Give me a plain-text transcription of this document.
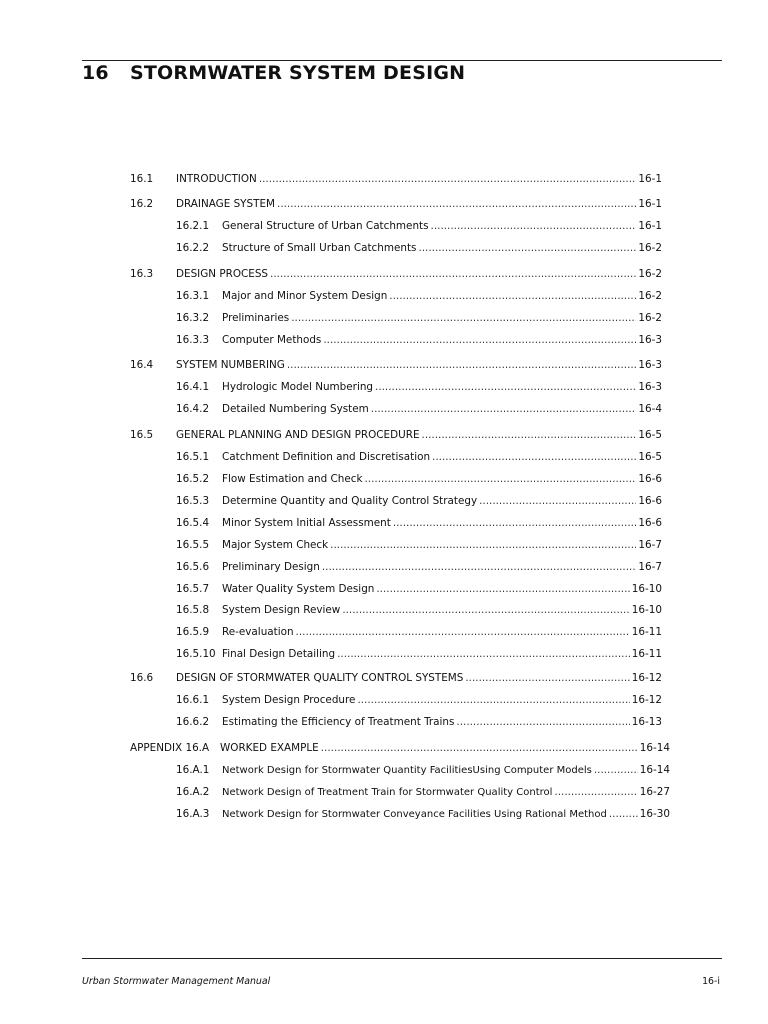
16 STORMWATER SYSTEM DESIGN
16.1	INTRODUCTION .....	16-1
16.2	DRAINAGE SYSTEM .....	16-1
16.2.1	General Structure of Urban Catchments .....	16-1
16.2.2	Structure of Small Urban Catchments .....	16-2
16.3	DESIGN PROCESS .....	16-2
16.3.1	Major and Minor System Design .....	16-2
16.3.2	Preliminaries .....	16-2
16.3.3	Computer Methods .....	16-3
16.4	SYSTEM NUMBERING .....	16-3
16.4.1	Hydrologic Model Numbering .....	16-3
16.4.2	Detailed Numbering System .....	16-4
16.5	GENERAL PLANNING AND DESIGN PROCEDURE .....	16-5
16.5.1	Catchment Definition and Discretisation .....	16-5
16.5.2	Flow Estimation and Check .....	16-6
16.5.3	Determine Quantity and Quality Control Strategy .....	16-6
16.5.4	Minor System Initial Assessment .....	16-6
16.5.5	Major System Check .....	16-7
16.5.6	Preliminary Design .....	16-7
16.5.7	Water Quality System Design .....	16-10
16.5.8	System Design Review .....	16-10
16.5.9	Re-evaluation .....	16-11
16.5.10 Final Design Detailing .....	16-11
16.6	DESIGN OF STORMWATER QUALITY CONTROL SYSTEMS .....	16-12
16.6.1	System Design Procedure .....	16-12
16.6.2	Estimating the Efficiency of Treatment Trains .....	16-13
APPENDIX 16.A	WORKED EXAMPLE .....	16-14
16.A.1	Network Design for Stormwater Quantity FacilitiesUsing Computer Models .....	16-14
16.A.2	Network Design of Treatment Train for Stormwater Quality Control .....	16-27
16.A.3	Network Design for Stormwater Conveyance Facilities Using Rational Method .....	16-30
Urban Stormwater Management Manual	16-i
